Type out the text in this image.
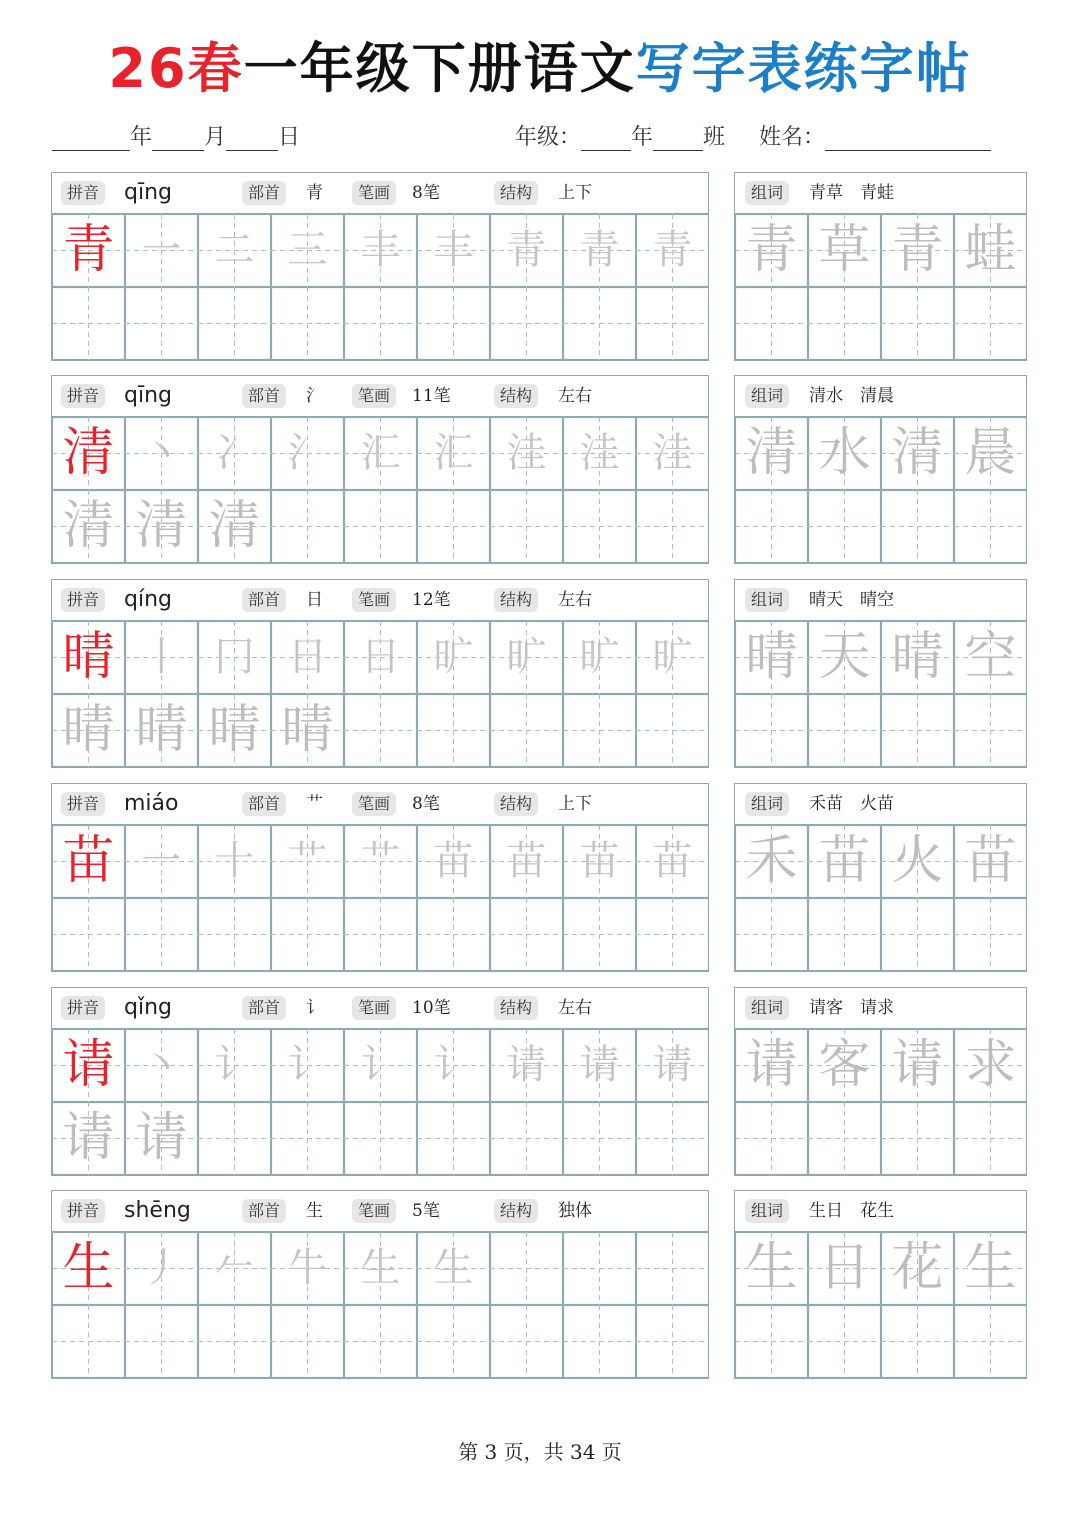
26春一年级下册语文写字表练字帖
年 月 日	年级： 年 班 姓名：
拼音 qīng	部首	青	笔画	8笔	结构	上下
青 一 二 三 丰 丰 青 青 青
组词	青草　青蛙
青 草 青 蛙
拼音 qīng	部首	氵	笔画	11笔	结构	左右
清 丶 冫 氵 汇 汇 洼 洼 洼
清 清 清
组词	清水　清晨
清 水 清 晨
拼音 qíng	部首	日	笔画	12笔	结构	左右
晴 丨 冂 日 日 旷 旷 旷 旷
晴 晴 晴 晴
组词	晴天　晴空
晴 天 晴 空
拼音 miáo	部首	艹	笔画	8笔	结构	上下
苗 一 十 艹 艹 苗 苗 苗 苗
组词	禾苗　火苗
禾 苗 火 苗
拼音 qǐng	部首	讠	笔画	10笔	结构	左右
请 丶 讠 讠 讠 讠 请 请 请
请 请
组词	请客　请求
请 客 请 求
拼音 shēng	部首	生	笔画	5笔	结构	独体
生 丿 𠂉 牛 生 生
组词	生日　花生
生 日 花 生
第 3 页，共 34 页
